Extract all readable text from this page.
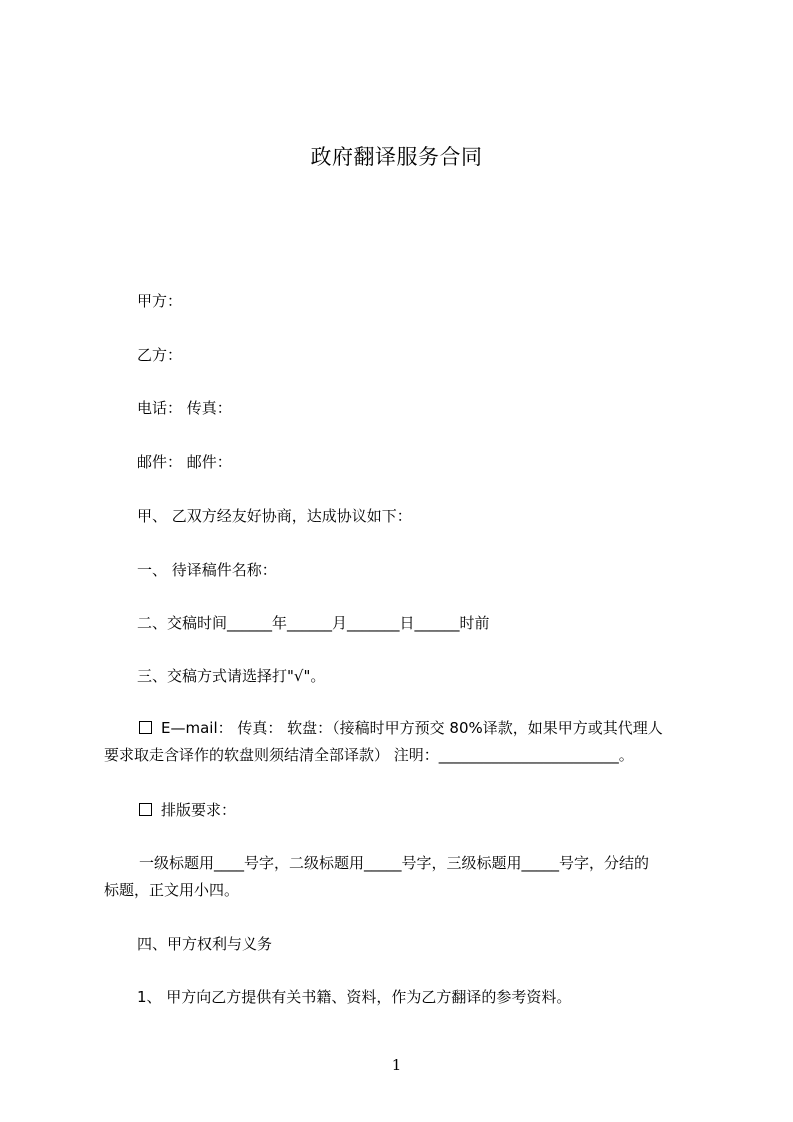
政府翻译服务合同
甲方：
乙方：
电话： 传真：
邮件： 邮件：
甲、 乙双方经友好协商，达成协议如下：
一、 待译稿件名称：
二、交稿时间______年______月_______日______时前
三、交稿方式请选择打"√"。
E—mail： 传真： 软盘：（接稿时甲方预交 80%译款，如果甲方或其代理人
要求取走含译作的软盘则须结清全部译款） 注明：________________________。
排版要求：
一级标题用____号字，二级标题用_____号字，三级标题用_____号字，分结的
标题，正文用小四。
四、甲方权利与义务
1、 甲方向乙方提供有关书籍、资料，作为乙方翻译的参考资料。
1
